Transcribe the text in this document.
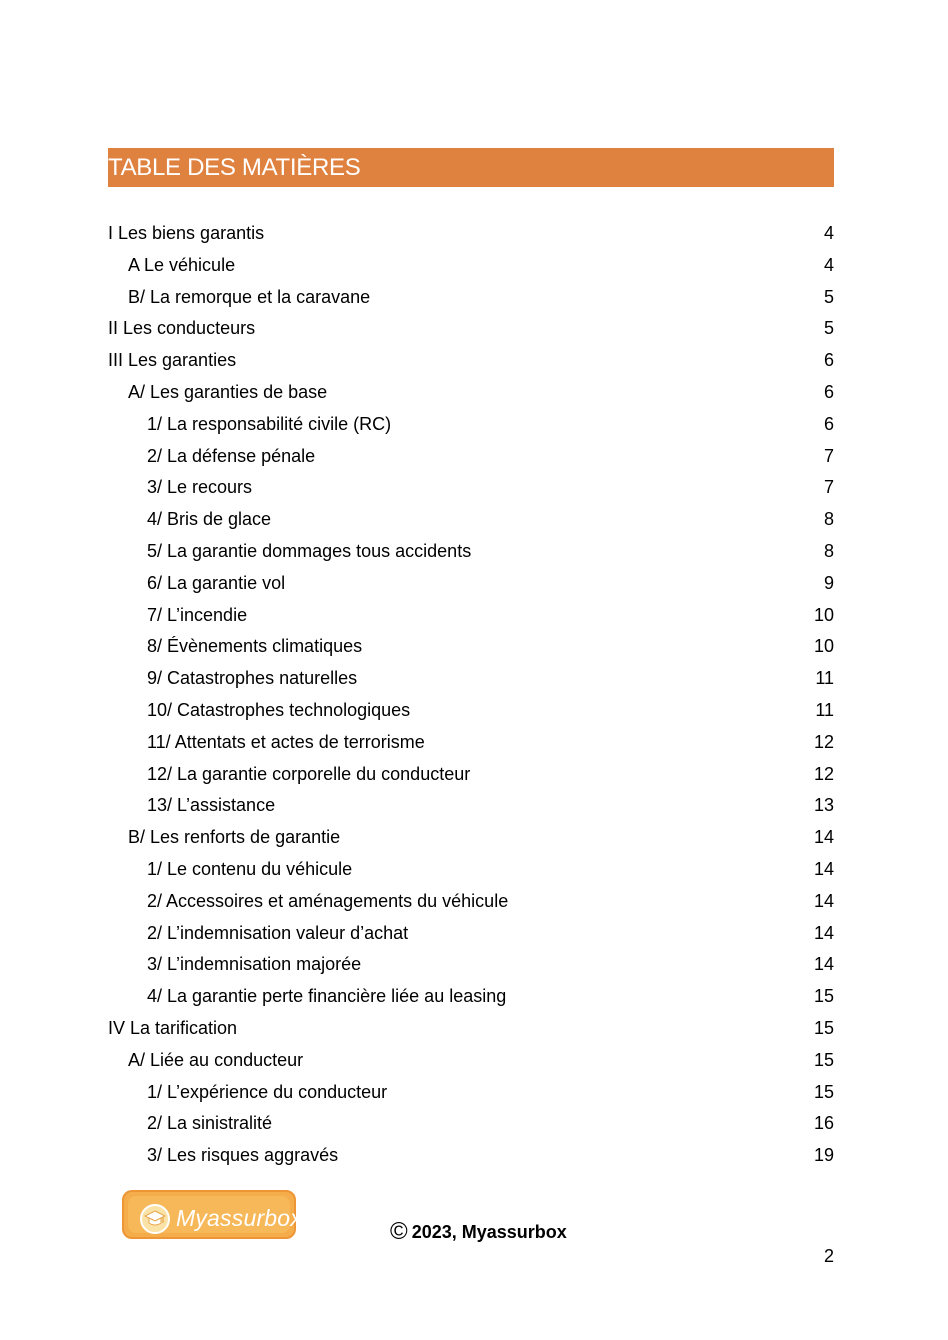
TABLE DES MATIÈRES
I Les biens garantis	4
A Le véhicule	4
B/ La remorque et la caravane	5
II Les conducteurs	5
III Les garanties	6
A/ Les garanties de base	6
1/ La responsabilité civile (RC)	6
2/ La défense pénale	7
3/ Le recours	7
4/ Bris de glace	8
5/ La garantie dommages tous accidents	8
6/ La garantie vol	9
7/ L’incendie	10
8/ Évènements climatiques	10
9/ Catastrophes naturelles	11
10/ Catastrophes technologiques	11
11/ Attentats et actes de terrorisme	12
12/ La garantie corporelle du conducteur	12
13/ L’assistance	13
B/ Les renforts de garantie	14
1/ Le contenu du véhicule	14
2/ Accessoires et aménagements du véhicule	14
2/ L’indemnisation valeur d’achat	14
3/ L’indemnisation majorée	14
4/ La garantie perte financière liée au leasing	15
IV La tarification	15
A/ Liée au conducteur	15
1/ L’expérience du conducteur	15
2/ La sinistralité	16
3/ Les risques aggravés	19
Myassurbox	© 2023, Myassurbox
2
